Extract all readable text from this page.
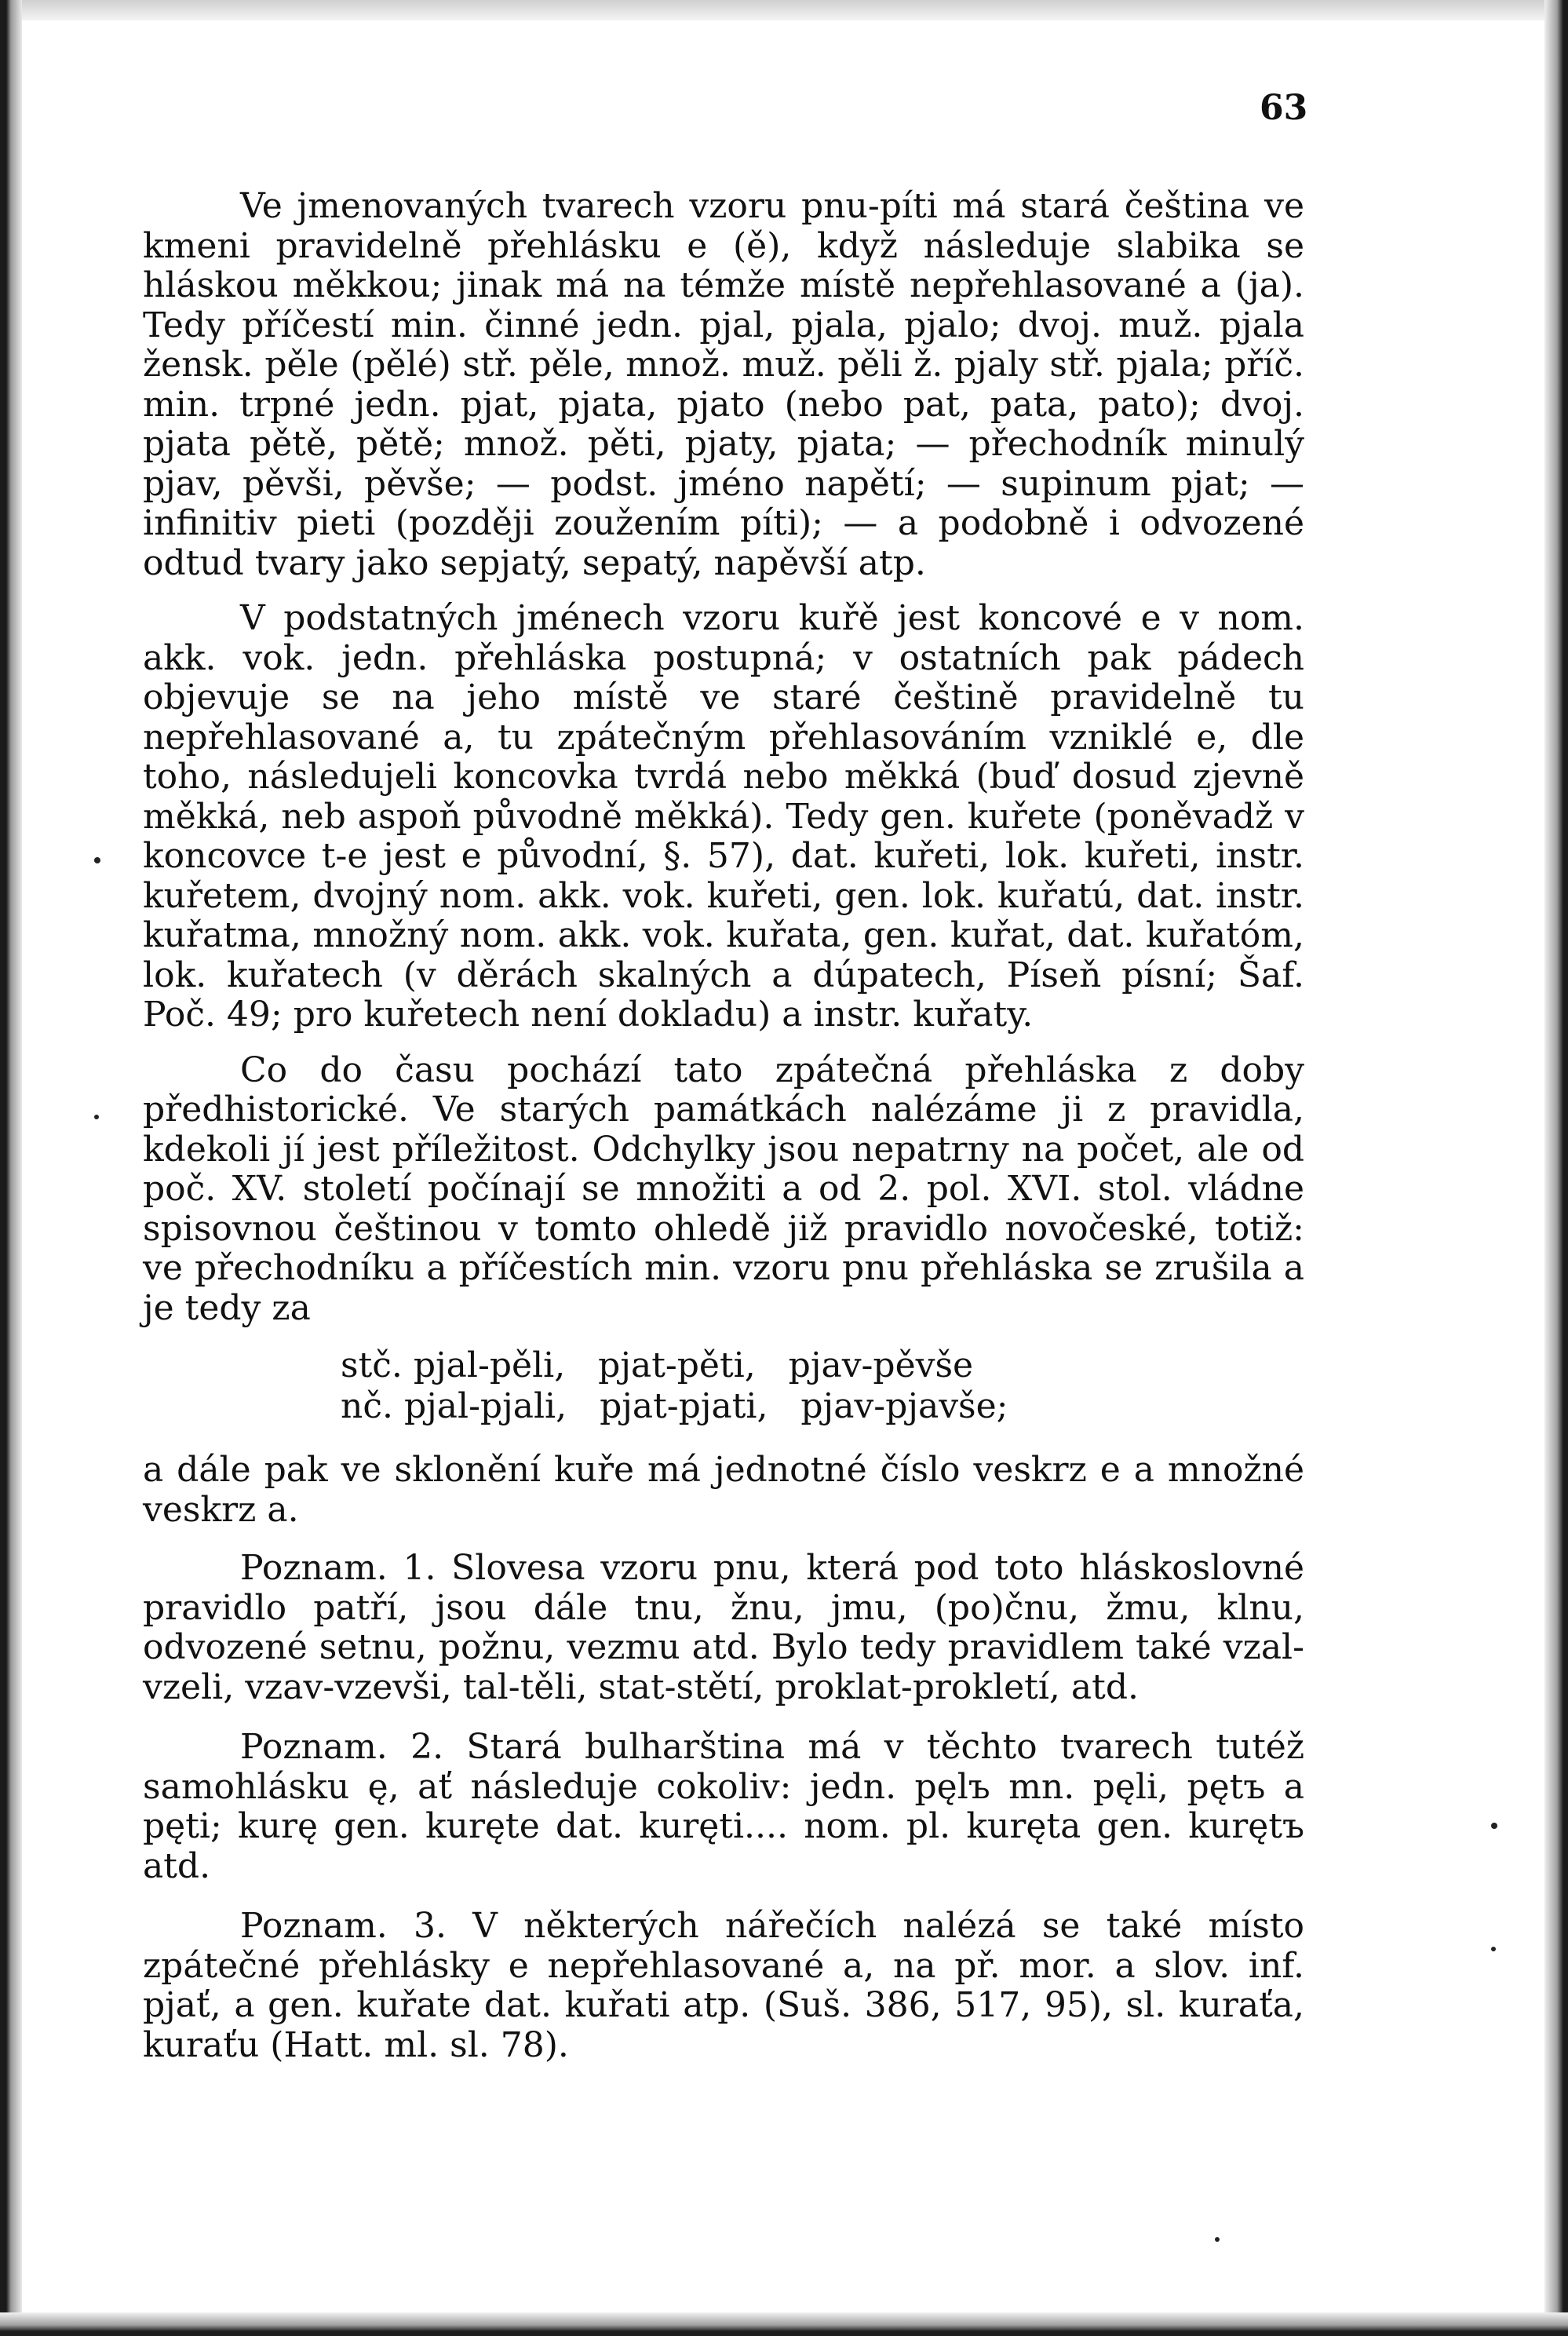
63

Ve jmenovaných tvarech vzoru pnu-píti má stará čeština ve kmeni pravidelně přehlásku e (ě), když následuje slabika se hláskou měkkou; jinak má na témže místě nepřehlasované a (ja). Tedy příčestí min. činné jedn. pjal, pjala, pjalo; dvoj. muž. pjala žensk. pěle (pělé) stř. pěle, množ. muž. pěli ž. pjaly stř. pjala; příč. min. trpné jedn. pjat, pjata, pjato (nebo pat, pata, pato); dvoj. pjata pětě, pětě; množ. pěti, pjaty, pjata; — přechodník minulý pjav, pěvši, pěvše; — podst. jméno napětí; — supinum pjat; — infinitiv pieti (později zoužením píti); — a podobně i odvozené odtud tvary jako sepjatý, sepatý, napěvší atp.

V podstatných jménech vzoru kuřě jest koncové e v nom. akk. vok. jedn. přehláska postupná; v ostatních pak pádech objevuje se na jeho místě ve staré češtině pravidelně tu nepřehlasované a, tu zpátečným přehlasováním vzniklé e, dle toho, následujeli koncovka tvrdá nebo měkká (buď dosud zjevně měkká, neb aspoň původně měkká). Tedy gen. kuřete (poněvadž v koncovce t-e jest e původní, §. 57), dat. kuřeti, lok. kuřeti, instr. kuřetem, dvojný nom. akk. vok. kuřeti, gen. lok. kuřatú, dat. instr. kuřatma, množný nom. akk. vok. kuřata, gen. kuřat, dat. kuřatóm, lok. kuřatech (v děrách skalných a dúpatech, Píseň písní; Šaf. Poč. 49; pro kuřetech není dokladu) a instr. kuřaty.

Co do času pochází tato zpátečná přehláska z doby předhistorické. Ve starých památkách nalézáme ji z pravidla, kdekoli jí jest příležitost. Odchylky jsou nepatrny na počet, ale od poč. XV. století počínají se množiti a od 2. pol. XVI. stol. vládne spisovnou češtinou v tomto ohledě již pravidlo novočeské, totiž: ve přechodníku a příčestích min. vzoru pnu přehláska se zrušila a je tedy za

stč. pjal-pěli,   pjat-pěti,   pjav-pěvše
nč. pjal-pjali,   pjat-pjati,   pjav-pjavše;

a dále pak ve sklonění kuře má jednotné číslo veskrz e a množné veskrz a.

Poznam. 1. Slovesa vzoru pnu, která pod toto hláskoslovné pravidlo patří, jsou dále tnu, žnu, jmu, (po)čnu, žmu, klnu, odvozené setnu, požnu, vezmu atd. Bylo tedy pravidlem také vzal-vzeli, vzav-vzevši, tal-těli, stat-stětí, proklat-prokletí, atd.

Poznam. 2. Stará bulharština má v těchto tvarech tutéž samohlásku ę, ať následuje cokoliv: jedn. pęlъ mn. pęli, pętъ a pęti; kurę gen. kuręte dat. kuręti.... nom. pl. kuręta gen. kurętъ atd.

Poznam. 3. V některých nářečích nalézá se také místo zpátečné přehlásky e nepřehlasované a, na př. mor. a slov. inf. pjať, a gen. kuřate dat. kuřati atp. (Suš. 386, 517, 95), sl. kuraťa, kuraťu (Hatt. ml. sl. 78).
